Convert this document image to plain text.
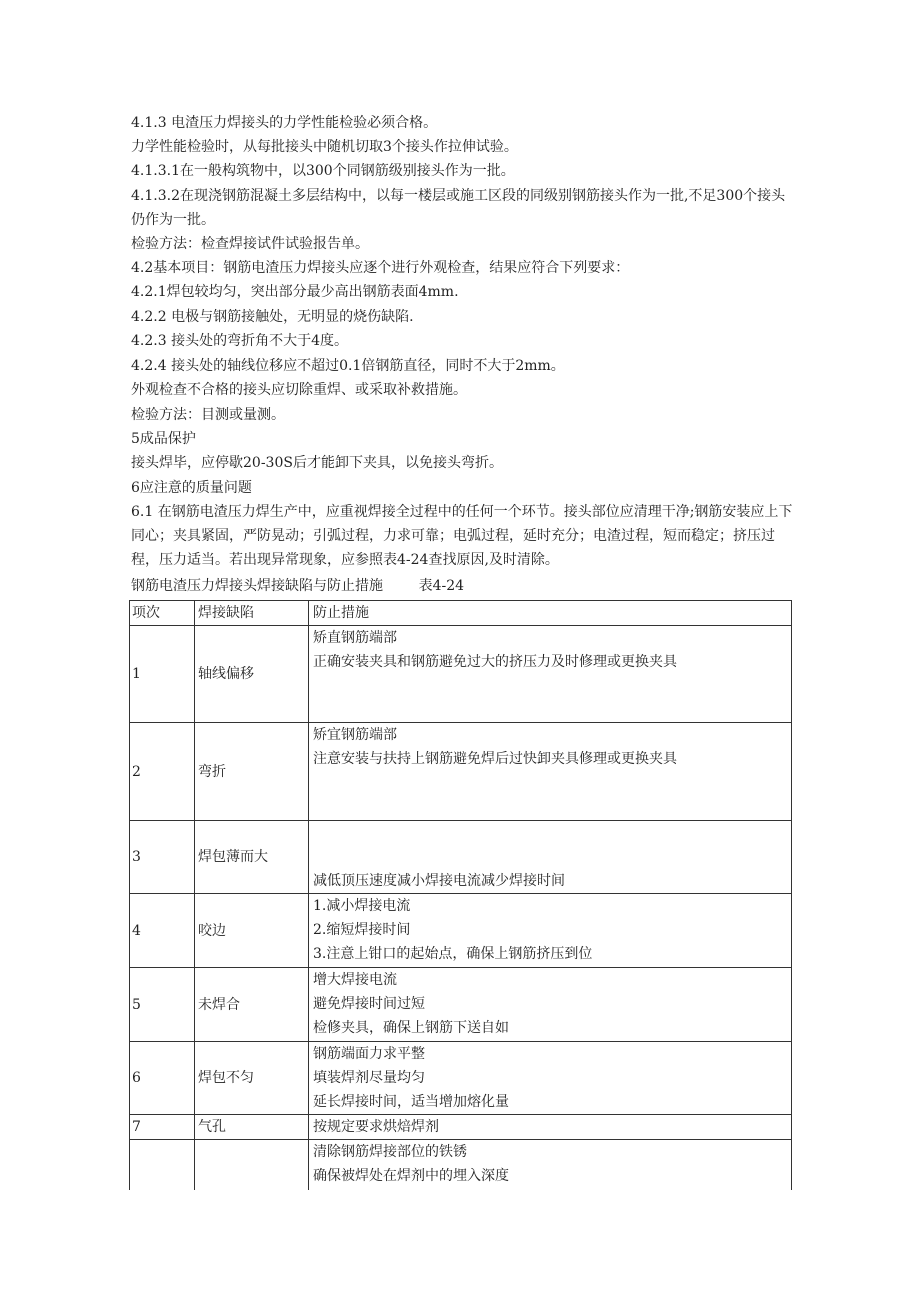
4.1.3 电渣压力焊接头的力学性能检验必须合格。

力学性能检验时，从每批接头中随机切取3个接头作拉伸试验。

4.1.3.1在一般构筑物中，以300个同钢筋级别接头作为一批。

4.1.3.2在现浇钢筋混凝土多层结构中，以每一楼层或施工区段的同级别钢筋接头作为一批,不足300个接头仍作为一批。

检验方法：检查焊接试件试验报告单。

4.2基本项目：钢筋电渣压力焊接头应逐个进行外观检查，结果应符合下列要求：

4.2.1焊包较均匀，突出部分最少高出钢筋表面4mm.

4.2.2 电极与钢筋接触处，无明显的烧伤缺陷.

4.2.3 接头处的弯折角不大于4度。

4.2.4 接头处的轴线位移应不超过0.1倍钢筋直径，同时不大于2mm。

外观检查不合格的接头应切除重焊、或采取补救措施。

检验方法：目测或量测。

5成品保护

接头焊毕，应停歇20-30S后才能卸下夹具，以免接头弯折。

6应注意的质量问题

6.1 在钢筋电渣压力焊生产中，应重视焊接全过程中的任何一个环节。接头部位应清理干净;钢筋安装应上下同心；夹具紧固，严防晃动；引弧过程，力求可靠；电弧过程，延时充分；电渣过程，短而稳定；挤压过程，压力适当。若出现异常现象，应参照表4-24查找原因,及时清除。

钢筋电渣压力焊接头焊接缺陷与防止措施        表4-24

项次	焊接缺陷	防止措施
1	轴线偏移	矫直钢筋端部
正确安装夹具和钢筋避免过大的挤压力及时修理或更换夹具

2	弯折	矫宜钢筋端部
注意安装与扶持上钢筋避免焊后过快卸夹具修理或更换夹具

3	焊包薄而大	减低顶压速度减小焊接电流减少焊接时间

4	咬边	1.减小焊接电流
2.缩短焊接时间
3.注意上钳口的起始点，确保上钢筋挤压到位

5	未焊合	增大焊接电流
避免焊接时间过短
检修夹具，确保上钢筋下送自如

6	焊包不匀	钢筋端面力求平整
填装焊剂尽量均匀
延长焊接时间，适当增加熔化量

7	气孔	按规定要求烘焙焊剂

		清除钢筋焊接部位的铁锈
确保被焊处在焊剂中的埋入深度
